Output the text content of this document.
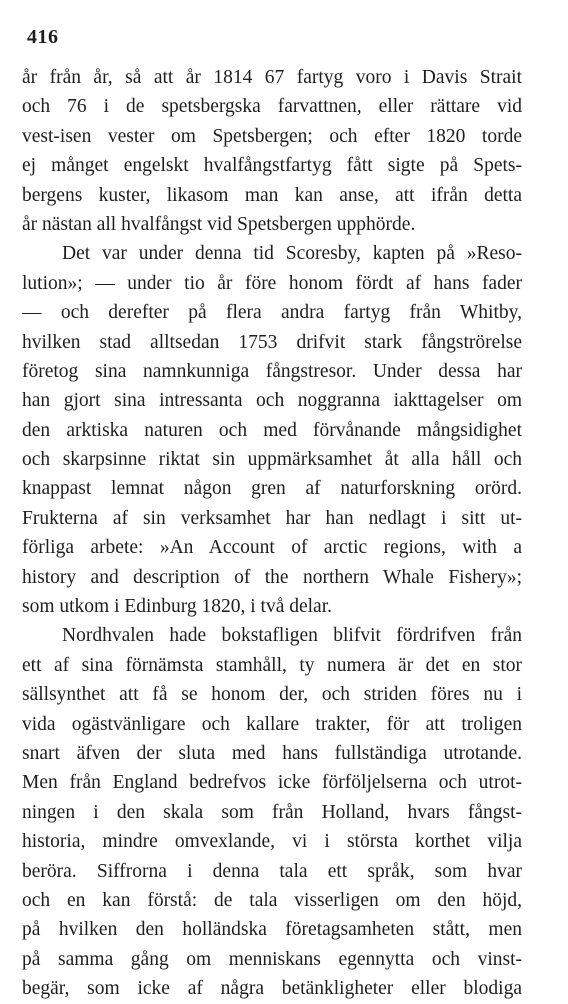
416
år från år, så att år 1814 67 fartyg voro i Davis Strait
och 76 i de spetsbergska farvattnen, eller rättare vid
vest-isen vester om Spetsbergen; och efter 1820 torde
ej månget engelskt hvalfångstfartyg fått sigte på Spets-
bergens kuster, likasom man kan anse, att ifrån detta
år nästan all hvalfångst vid Spetsbergen upphörde.
Det var under denna tid Scoresby, kapten på »Reso-
lution»; — under tio år före honom fördt af hans fader
— och derefter på flera andra fartyg från Whitby,
hvilken stad alltsedan 1753 drifvit stark fångströrelse
företog sina namnkunniga fångstresor. Under dessa har
han gjort sina intressanta och noggranna iakttagelser om
den arktiska naturen och med förvånande mångsidighet
och skarpsinne riktat sin uppmärksamhet åt alla håll och
knappast lemnat någon gren af naturforskning orörd.
Frukterna af sin verksamhet har han nedlagt i sitt ut-
förliga arbete: »An Account of arctic regions, with a
history and description of the northern Whale Fishery»;
som utkom i Edinburg 1820, i två delar.
Nordhvalen hade bokstafligen blifvit fördrifven från
ett af sina förnämsta stamhåll, ty numera är det en stor
sällsynthet att få se honom der, och striden föres nu i
vida ogästvänligare och kallare trakter, för att troligen
snart äfven der sluta med hans fullständiga utrotande.
Men från England bedrefvos icke förföljelserna och utrot-
ningen i den skala som från Holland, hvars fångst-
historia, mindre omvexlande, vi i största korthet vilja
beröra. Siffrorna i denna tala ett språk, som hvar
och en kan förstå: de tala visserligen om den höjd,
på hvilken den holländska företagsamheten stått, men
på samma gång om menniskans egennytta och vinst-
begär, som icke af några betänkligheter eller blodiga
